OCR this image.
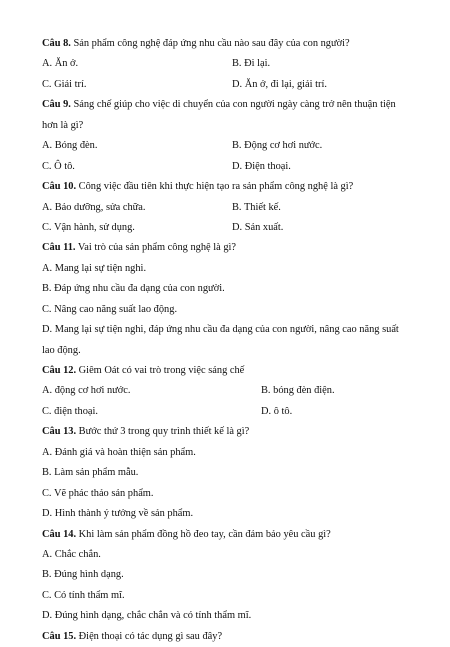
Câu 8. Sản phẩm công nghệ đáp ứng nhu cầu nào sau đây của con người?
A. Ăn ở.	B. Đi lại.
C. Giải trí.	D. Ăn ở, đi lại, giải trí.
Câu 9. Sáng chế giúp cho việc di chuyển của con người ngày càng trở nên thuận tiện
hơn là gì?
A. Bóng đèn.	B. Động cơ hơi nước.
C. Ô tô.	D. Điện thoại.
Câu 10. Công việc đầu tiên khi thực hiện tạo ra sản phẩm công nghệ là gì?
A. Bảo dưỡng, sửa chữa.	B. Thiết kế.
C. Vận hành, sử dụng.	D. Sản xuất.
Câu 11. Vai trò của sản phẩm công nghệ là gì?
A. Mang lại sự tiện nghi.
B. Đáp ứng nhu cầu đa dạng của con người.
C. Nâng cao năng suất lao động.
D. Mang lại sự tiện nghi, đáp ứng nhu cầu đa dạng của con người, nâng cao năng suất
lao động.
Câu 12. Giêm Oát có vai trò trong việc sáng chế
A. động cơ hơi nước.	B. bóng đèn điện.
C. điện thoại.	D. ô tô.
Câu 13. Bước thứ 3 trong quy trình thiết kế là gì?
A. Đánh giá và hoàn thiện sản phẩm.
B. Làm sản phẩm mẫu.
C. Vẽ phác thảo sản phẩm.
D. Hình thành ý tưởng về sản phẩm.
Câu 14. Khi làm sản phẩm đồng hồ đeo tay, cần đảm bảo yêu cầu gì?
A. Chắc chắn.
B. Đúng hình dạng.
C. Có tính thẩm mĩ.
D. Đúng hình dạng, chắc chắn và có tính thẩm mĩ.
Câu 15. Điện thoại có tác dụng gì sau đây?
